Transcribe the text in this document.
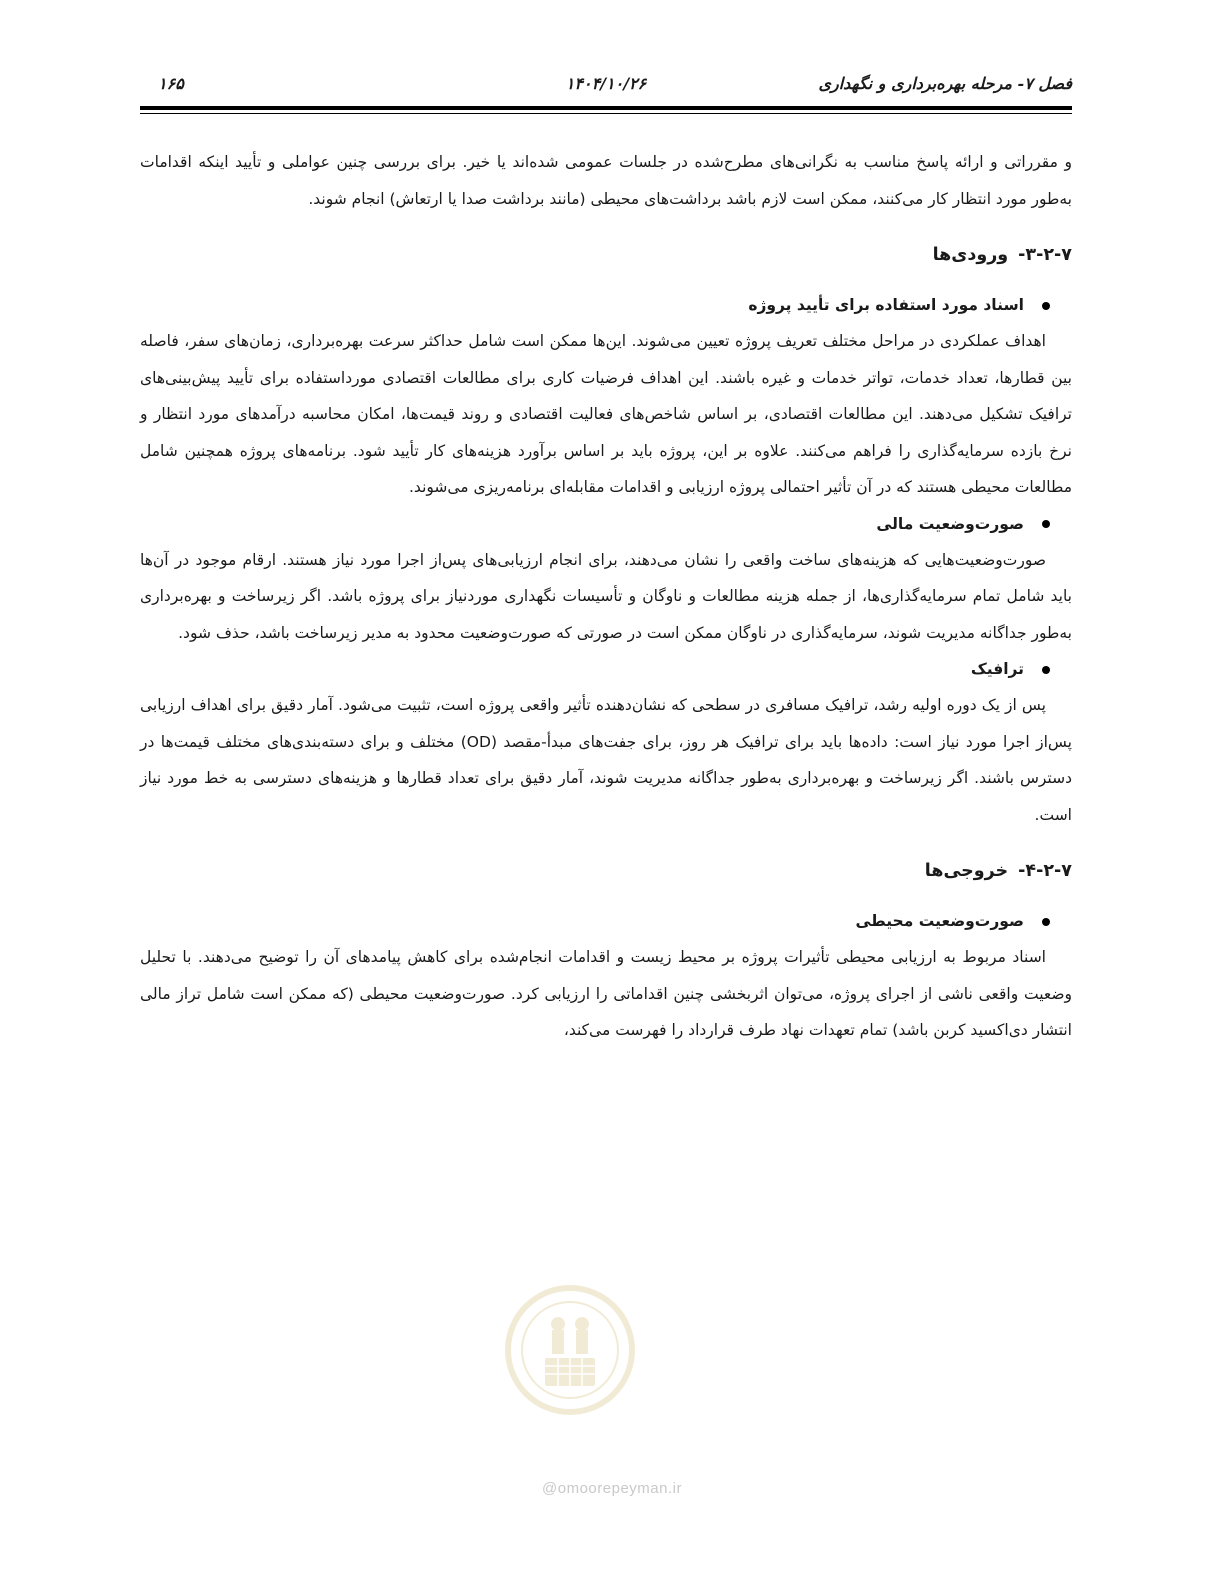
فصل ۷- مرحله بهره‌برداری و نگهداری
۱۴۰۴/۱۰/۲۶
۱۶۵

و مقرراتی و ارائه پاسخ مناسب به نگرانی‌های مطرح‌شده در جلسات عمومی شده‌اند یا خیر. برای بررسی چنین عواملی و تأیید اینکه اقدامات به‌طور مورد انتظار کار می‌کنند، ممکن است لازم باشد برداشت‌های محیطی (مانند برداشت صدا یا ارتعاش) انجام شوند.

۳-۲-۷-ورودی‌ها
اسناد مورد استفاده برای تأیید پروژه

اهداف عملکردی در مراحل مختلف تعریف پروژه تعیین می‌شوند. این‌ها ممکن است شامل حداکثر سرعت بهره‌برداری، زمان‌های سفر، فاصله بین قطارها، تعداد خدمات، تواتر خدمات و غیره باشند. این اهداف فرضیات کاری برای مطالعات اقتصادی مورداستفاده برای تأیید پیش‌بینی‌های ترافیک تشکیل می‌دهند. این مطالعات اقتصادی، بر اساس شاخص‌های فعالیت اقتصادی و روند قیمت‌ها، امکان محاسبه درآمدهای مورد انتظار و نرخ بازده سرمایه‌گذاری را فراهم می‌کنند. علاوه بر این، پروژه باید بر اساس برآورد هزینه‌های کار تأیید شود. برنامه‌های پروژه همچنین شامل مطالعات محیطی هستند که در آن تأثیر احتمالی پروژه ارزیابی و اقدامات مقابله‌ای برنامه‌ریزی می‌شوند.

صورت‌وضعیت مالی

صورت‌وضعیت‌هایی که هزینه‌های ساخت واقعی را نشان می‌دهند، برای انجام ارزیابی‌های پس‌از اجرا مورد نیاز هستند. ارقام موجود در آن‌ها باید شامل تمام سرمایه‌گذاری‌ها، از جمله هزینه مطالعات و ناوگان و تأسیسات نگهداری موردنیاز برای پروژه باشد. اگر زیرساخت و بهره‌برداری به‌طور جداگانه مدیریت شوند، سرمایه‌گذاری در ناوگان ممکن است در صورتی که صورت‌وضعیت محدود به مدیر زیرساخت باشد، حذف شود.

ترافیک

پس از یک دوره اولیه رشد، ترافیک مسافری در سطحی که نشان‌دهنده تأثیر واقعی پروژه است، تثبیت می‌شود. آمار دقیق برای اهداف ارزیابی پس‌از اجرا مورد نیاز است: داده‌ها باید برای ترافیک هر روز، برای جفت‌های مبدأ-مقصد (OD) مختلف و برای دسته‌بندی‌های مختلف قیمت‌ها در دسترس باشند. اگر زیرساخت و بهره‌برداری به‌طور جداگانه مدیریت شوند، آمار دقیق برای تعداد قطارها و هزینه‌های دسترسی به خط مورد نیاز است.

۴-۲-۷-خروجی‌ها
صورت‌وضعیت محیطی

اسناد مربوط به ارزیابی محیطی تأثیرات پروژه بر محیط زیست و اقدامات انجام‌شده برای کاهش پیامدهای آن را توضیح می‌دهند. با تحلیل وضعیت واقعی ناشی از اجرای پروژه، می‌توان اثربخشی چنین اقداماتی را ارزیابی کرد. صورت‌وضعیت محیطی (که ممکن است شامل تراز مالی انتشار دی‌اکسید کربن باشد) تمام تعهدات نهاد طرف قرارداد را فهرست می‌کند،

@omoorepeyman.ir
